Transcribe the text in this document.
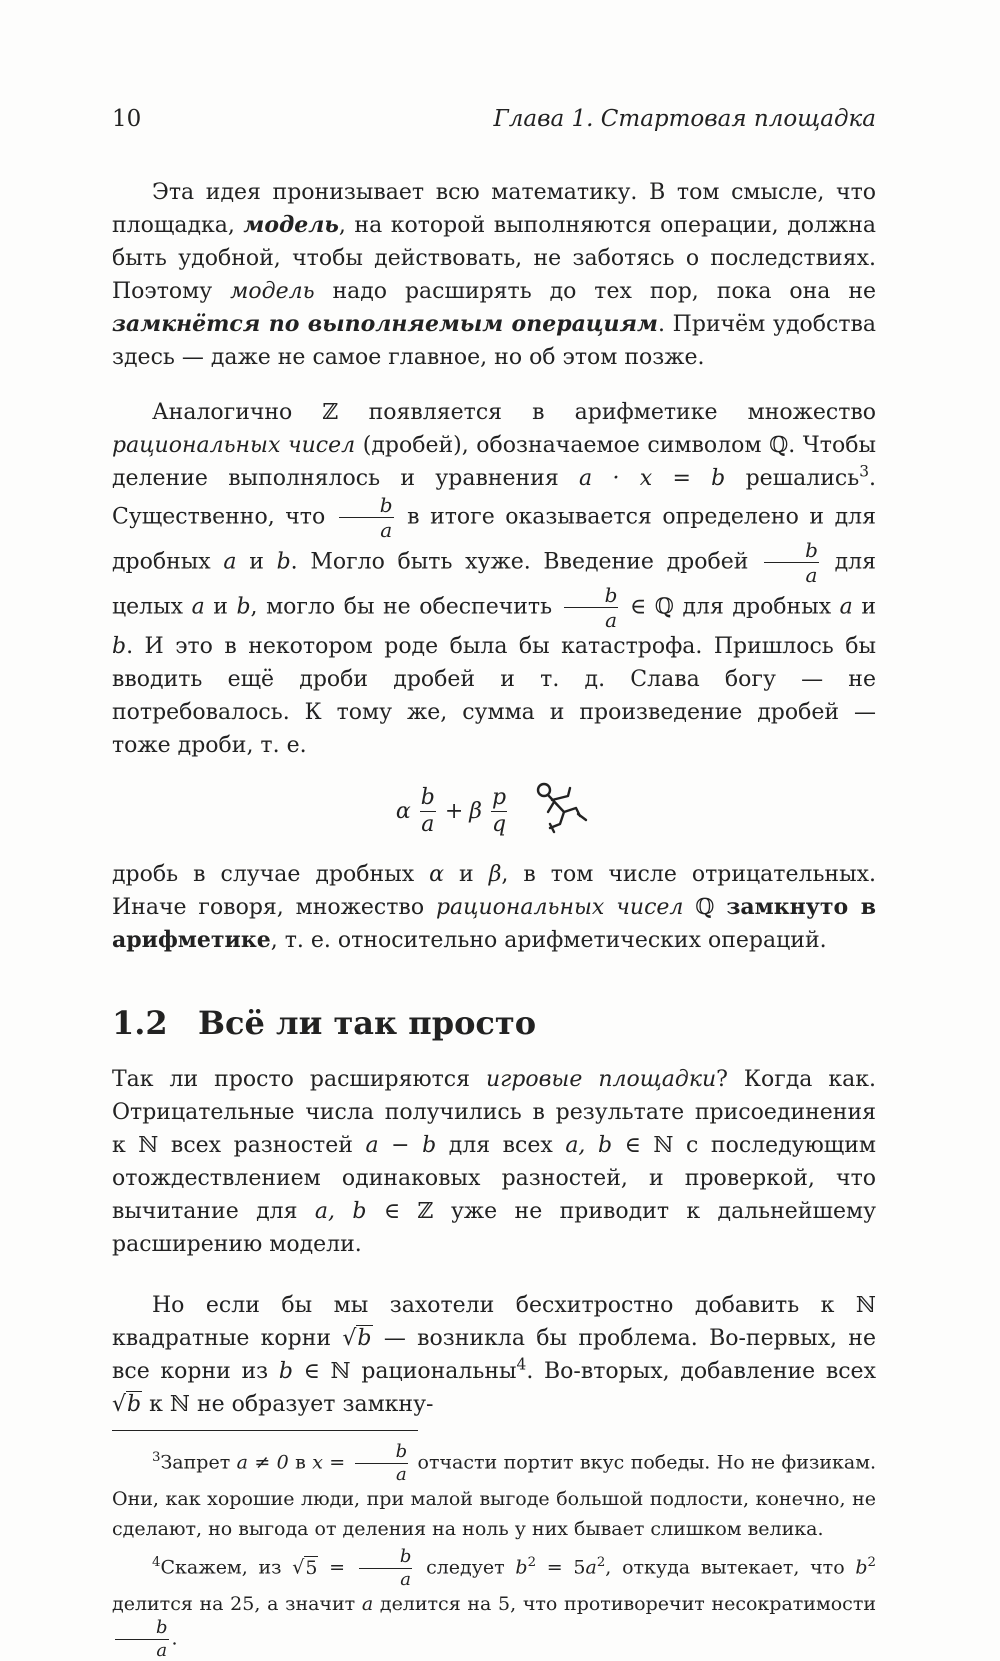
10	Глава 1. Стартовая площадка

Эта идея пронизывает всю математику. В том смысле, что площадка, модель, на которой выполняются операции, должна быть удобной, чтобы действовать, не заботясь о последствиях. Поэтому модель надо расширять до тех пор, пока она не замкнётся по выполняемым операциям. Причём удобства здесь — даже не самое главное, но об этом позже.

Аналогично ℤ появляется в арифметике множество рациональных чисел (дробей), обозначаемое символом ℚ. Чтобы деление выполнялось и уравнения a · x = b решались$^3$. Существенно, что $\frac{b}{a}$ в итоге оказывается определено и для дробных a и b. Могло быть хуже. Введение дробей $\frac{b}{a}$ для целых a и b, могло бы не обеспечить $\frac{b}{a}$ ∈ ℚ для дробных a и b. И это в некотором роде была бы катастрофа. Пришлось бы вводить ещё дроби дробей и т. д. Слава богу — не потребовалось. К тому же, сумма и произведение дробей — тоже дроби, т. е.

α $\frac{b}{a} + \beta \frac{p}{q}$

дробь в случае дробных α и β, в том числе отрицательных. Иначе говоря, множество рациональных чисел ℚ замкнуто в арифметике, т. е. относительно арифметических операций.

1.2 Всё ли так просто

Так ли просто расширяются игровые площадки? Когда как. Отрицательные числа получились в результате присоединения к ℕ всех разностей a − b для всех a, b ∈ ℕ с последующим отождествлением одинаковых разностей, и проверкой, что вычитание для a, b ∈ ℤ уже не приводит к дальнейшему расширению модели.

Но если бы мы захотели бесхитростно добавить к ℕ квадратные корни √b — возникла бы проблема. Во-первых, не все корни из b ∈ ℕ рациональны$^4$. Во-вторых, добавление всех √b к ℕ не образует замкну-

$^3$Запрет a ≠ 0 в $x = \frac{b}{a}$ отчасти портит вкус победы. Но не физикам. Они, как хорошие люди, при малой выгоде большой подлости, конечно, не сделают, но выгода от деления на ноль у них бывает слишком велика.

$^4$Скажем, из $√5 = \frac{b}{a}$ следует $b^2 = 5a^2$, откуда вытекает, что $b^2$ делится на 25, а значит a делится на 5, что противоречит несократимости
$\frac{b}{a}$ .
